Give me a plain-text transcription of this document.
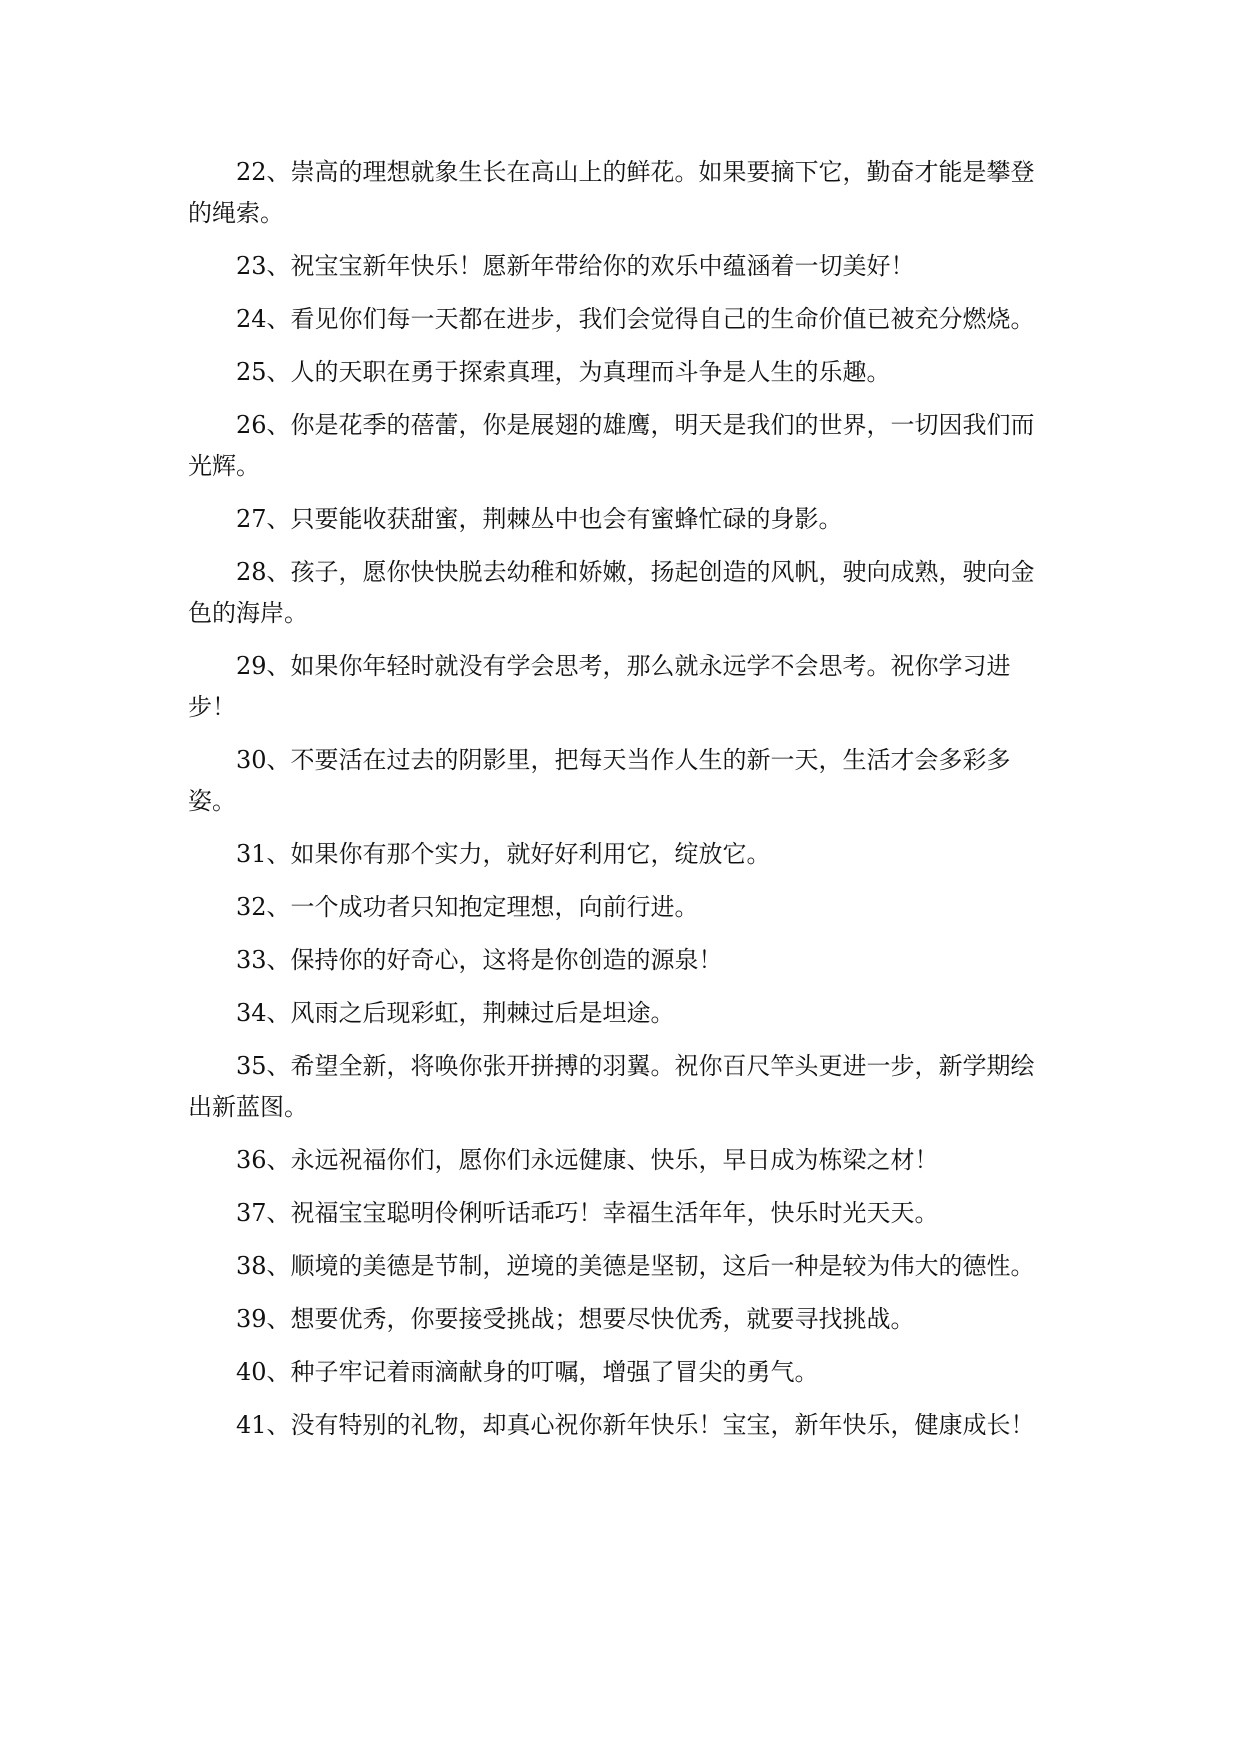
22、崇高的理想就象生长在高山上的鲜花。如果要摘下它，勤奋才能是攀登的绳索。

23、祝宝宝新年快乐！愿新年带给你的欢乐中蕴涵着一切美好！

24、看见你们每一天都在进步，我们会觉得自己的生命价值已被充分燃烧。

25、人的天职在勇于探索真理，为真理而斗争是人生的乐趣。

26、你是花季的蓓蕾，你是展翅的雄鹰，明天是我们的世界，一切因我们而光辉。

27、只要能收获甜蜜，荆棘丛中也会有蜜蜂忙碌的身影。

28、孩子，愿你快快脱去幼稚和娇嫩，扬起创造的风帆，驶向成熟，驶向金色的海岸。

29、如果你年轻时就没有学会思考，那么就永远学不会思考。祝你学习进步！

30、不要活在过去的阴影里，把每天当作人生的新一天，生活才会多彩多姿。

31、如果你有那个实力，就好好利用它，绽放它。

32、一个成功者只知抱定理想，向前行进。

33、保持你的好奇心，这将是你创造的源泉！

34、风雨之后现彩虹，荆棘过后是坦途。

35、希望全新，将唤你张开拼搏的羽翼。祝你百尺竿头更进一步，新学期绘出新蓝图。

36、永远祝福你们，愿你们永远健康、快乐，早日成为栋梁之材！

37、祝福宝宝聪明伶俐听话乖巧！幸福生活年年，快乐时光天天。

38、顺境的美德是节制，逆境的美德是坚韧，这后一种是较为伟大的德性。

39、想要优秀，你要接受挑战；想要尽快优秀，就要寻找挑战。

40、种子牢记着雨滴献身的叮嘱，增强了冒尖的勇气。

41、没有特别的礼物，却真心祝你新年快乐！宝宝，新年快乐，健康成长！
